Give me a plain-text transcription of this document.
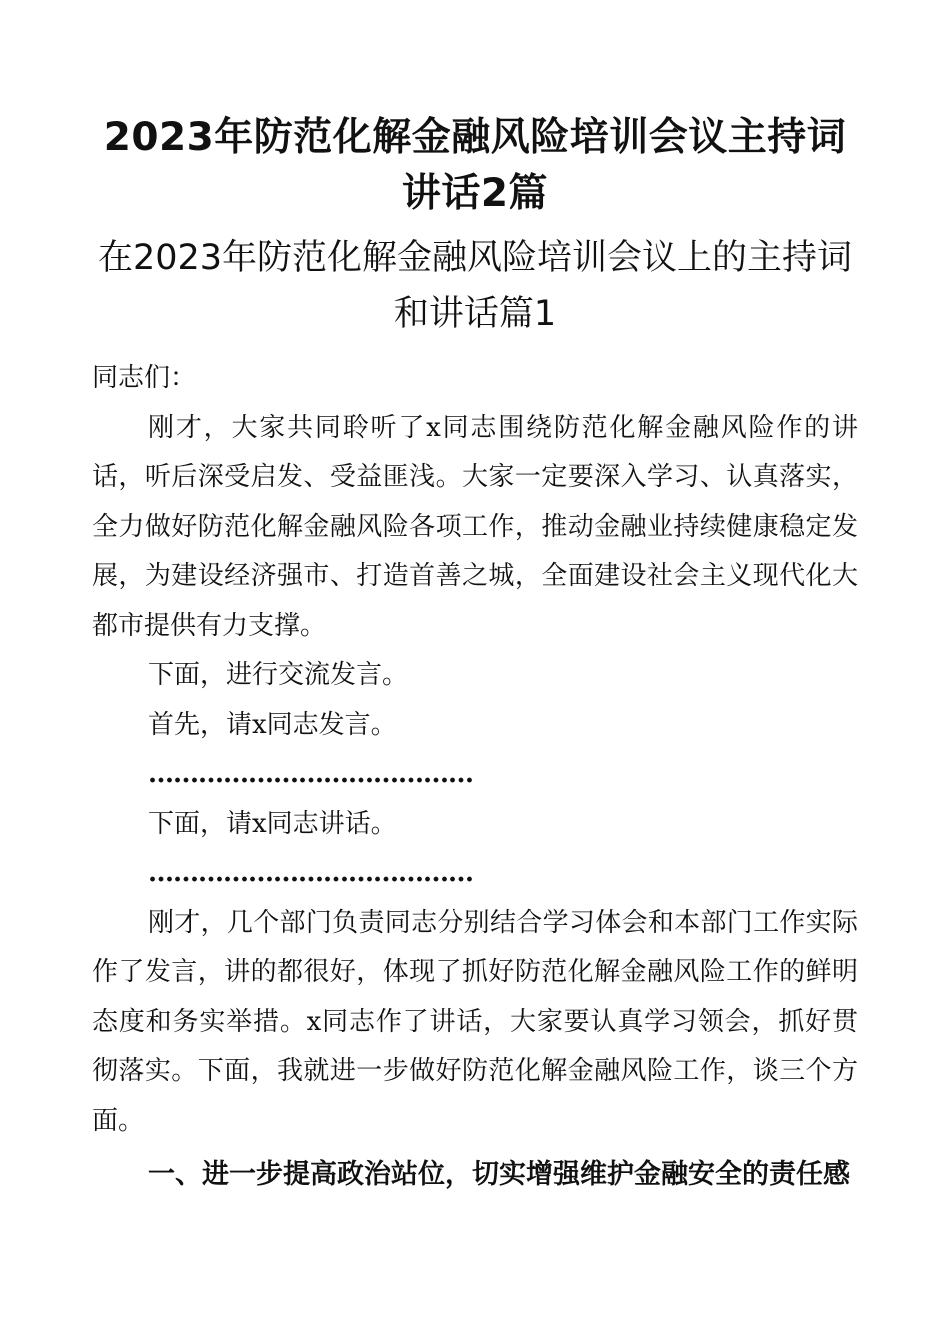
2023年防范化解金融风险培训会议主持词讲话2篇
在2023年防范化解金融风险培训会议上的主持词和讲话篇1

同志们：

刚才，大家共同聆听了x同志围绕防范化解金融风险作的讲话，听后深受启发、受益匪浅。大家一定要深入学习、认真落实，全力做好防范化解金融风险各项工作，推动金融业持续健康稳定发展，为建设经济强市、打造首善之城，全面建设社会主义现代化大都市提供有力支撑。

下面，进行交流发言。

首先，请x同志发言。

…………………………………

下面，请x同志讲话。

…………………………………

刚才，几个部门负责同志分别结合学习体会和本部门工作实际作了发言，讲的都很好，体现了抓好防范化解金融风险工作的鲜明态度和务实举措。x同志作了讲话，大家要认真学习领会，抓好贯彻落实。下面，我就进一步做好防范化解金融风险工作，谈三个方面。

一、进一步提高政治站位，切实增强维护金融安全的责任感
